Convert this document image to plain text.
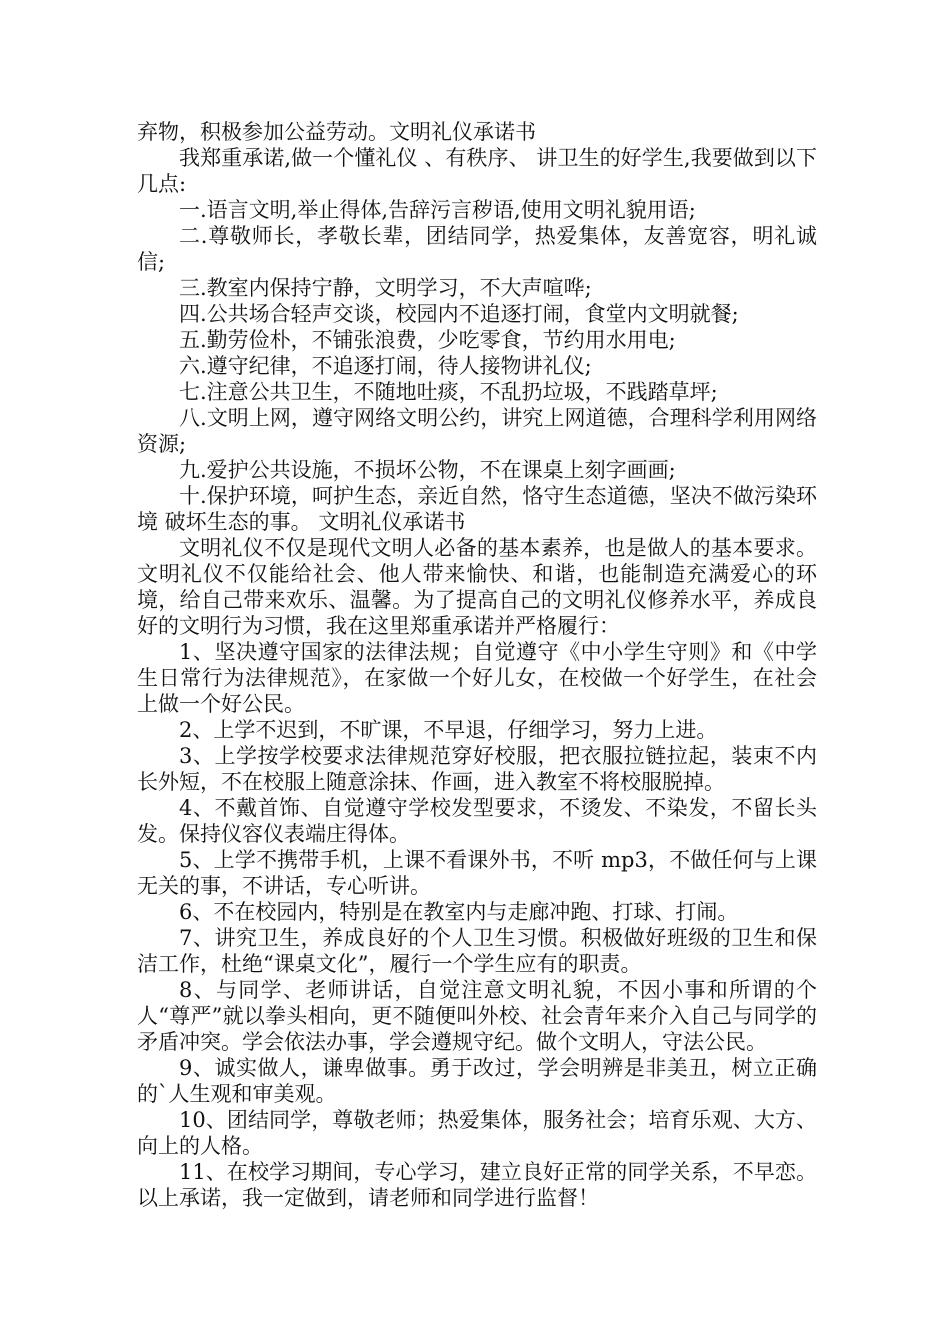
弃物，积极参加公益劳动。文明礼仪承诺书

我郑重承诺,做一个懂礼仪 、有秩序、 讲卫生的好学生,我要做到以下几点:

一.语言文明,举止得体,告辞污言秽语,使用文明礼貌用语;

二.尊敬师长，孝敬长辈，团结同学，热爱集体，友善宽容，明礼诚信;

三.教室内保持宁静，文明学习，不大声喧哗;

四.公共场合轻声交谈，校园内不追逐打闹，食堂内文明就餐;

五.勤劳俭朴，不铺张浪费，少吃零食，节约用水用电;

六.遵守纪律，不追逐打闹，待人接物讲礼仪;

七.注意公共卫生，不随地吐痰，不乱扔垃圾，不践踏草坪;

八.文明上网，遵守网络文明公约，讲究上网道德，合理科学利用网络资源;

九.爱护公共设施，不损坏公物，不在课桌上刻字画画;

十.保护环境，呵护生态，亲近自然，恪守生态道德，坚决不做污染环境 破坏生态的事。 文明礼仪承诺书

文明礼仪不仅是现代文明人必备的基本素养，也是做人的基本要求。文明礼仪不仅能给社会、他人带来愉快、和谐，也能制造充满爱心的环境，给自己带来欢乐、温馨。为了提高自己的文明礼仪修养水平，养成良好的文明行为习惯，我在这里郑重承诺并严格履行：

1、坚决遵守国家的法律法规；自觉遵守《中小学生守则》和《中学生日常行为法律规范》，在家做一个好儿女，在校做一个好学生，在社会上做一个好公民。

2、上学不迟到，不旷课，不早退，仔细学习，努力上进。

3、上学按学校要求法律规范穿好校服，把衣服拉链拉起，装束不内长外短，不在校服上随意涂抹、作画，进入教室不将校服脱掉。

4、不戴首饰、自觉遵守学校发型要求，不烫发、不染发，不留长头发。保持仪容仪表端庄得体。

5、上学不携带手机，上课不看课外书，不听 mp3，不做任何与上课无关的事，不讲话，专心听讲。

6、不在校园内，特别是在教室内与走廊冲跑、打球、打闹。

7、讲究卫生，养成良好的个人卫生习惯。积极做好班级的卫生和保洁工作，杜绝“课桌文化”，履行一个学生应有的职责。

8、与同学、老师讲话，自觉注意文明礼貌，不因小事和所谓的个人“尊严”就以拳头相向，更不随便叫外校、社会青年来介入自己与同学的矛盾冲突。学会依法办事，学会遵规守纪。做个文明人，守法公民。

9、诚实做人，谦卑做事。勇于改过，学会明辨是非美丑，树立正确的`人生观和审美观。

10、团结同学，尊敬老师；热爱集体，服务社会；培育乐观、大方、向上的人格。

11、在校学习期间，专心学习，建立良好正常的同学关系，不早恋。 以上承诺，我一定做到，请老师和同学进行监督！
